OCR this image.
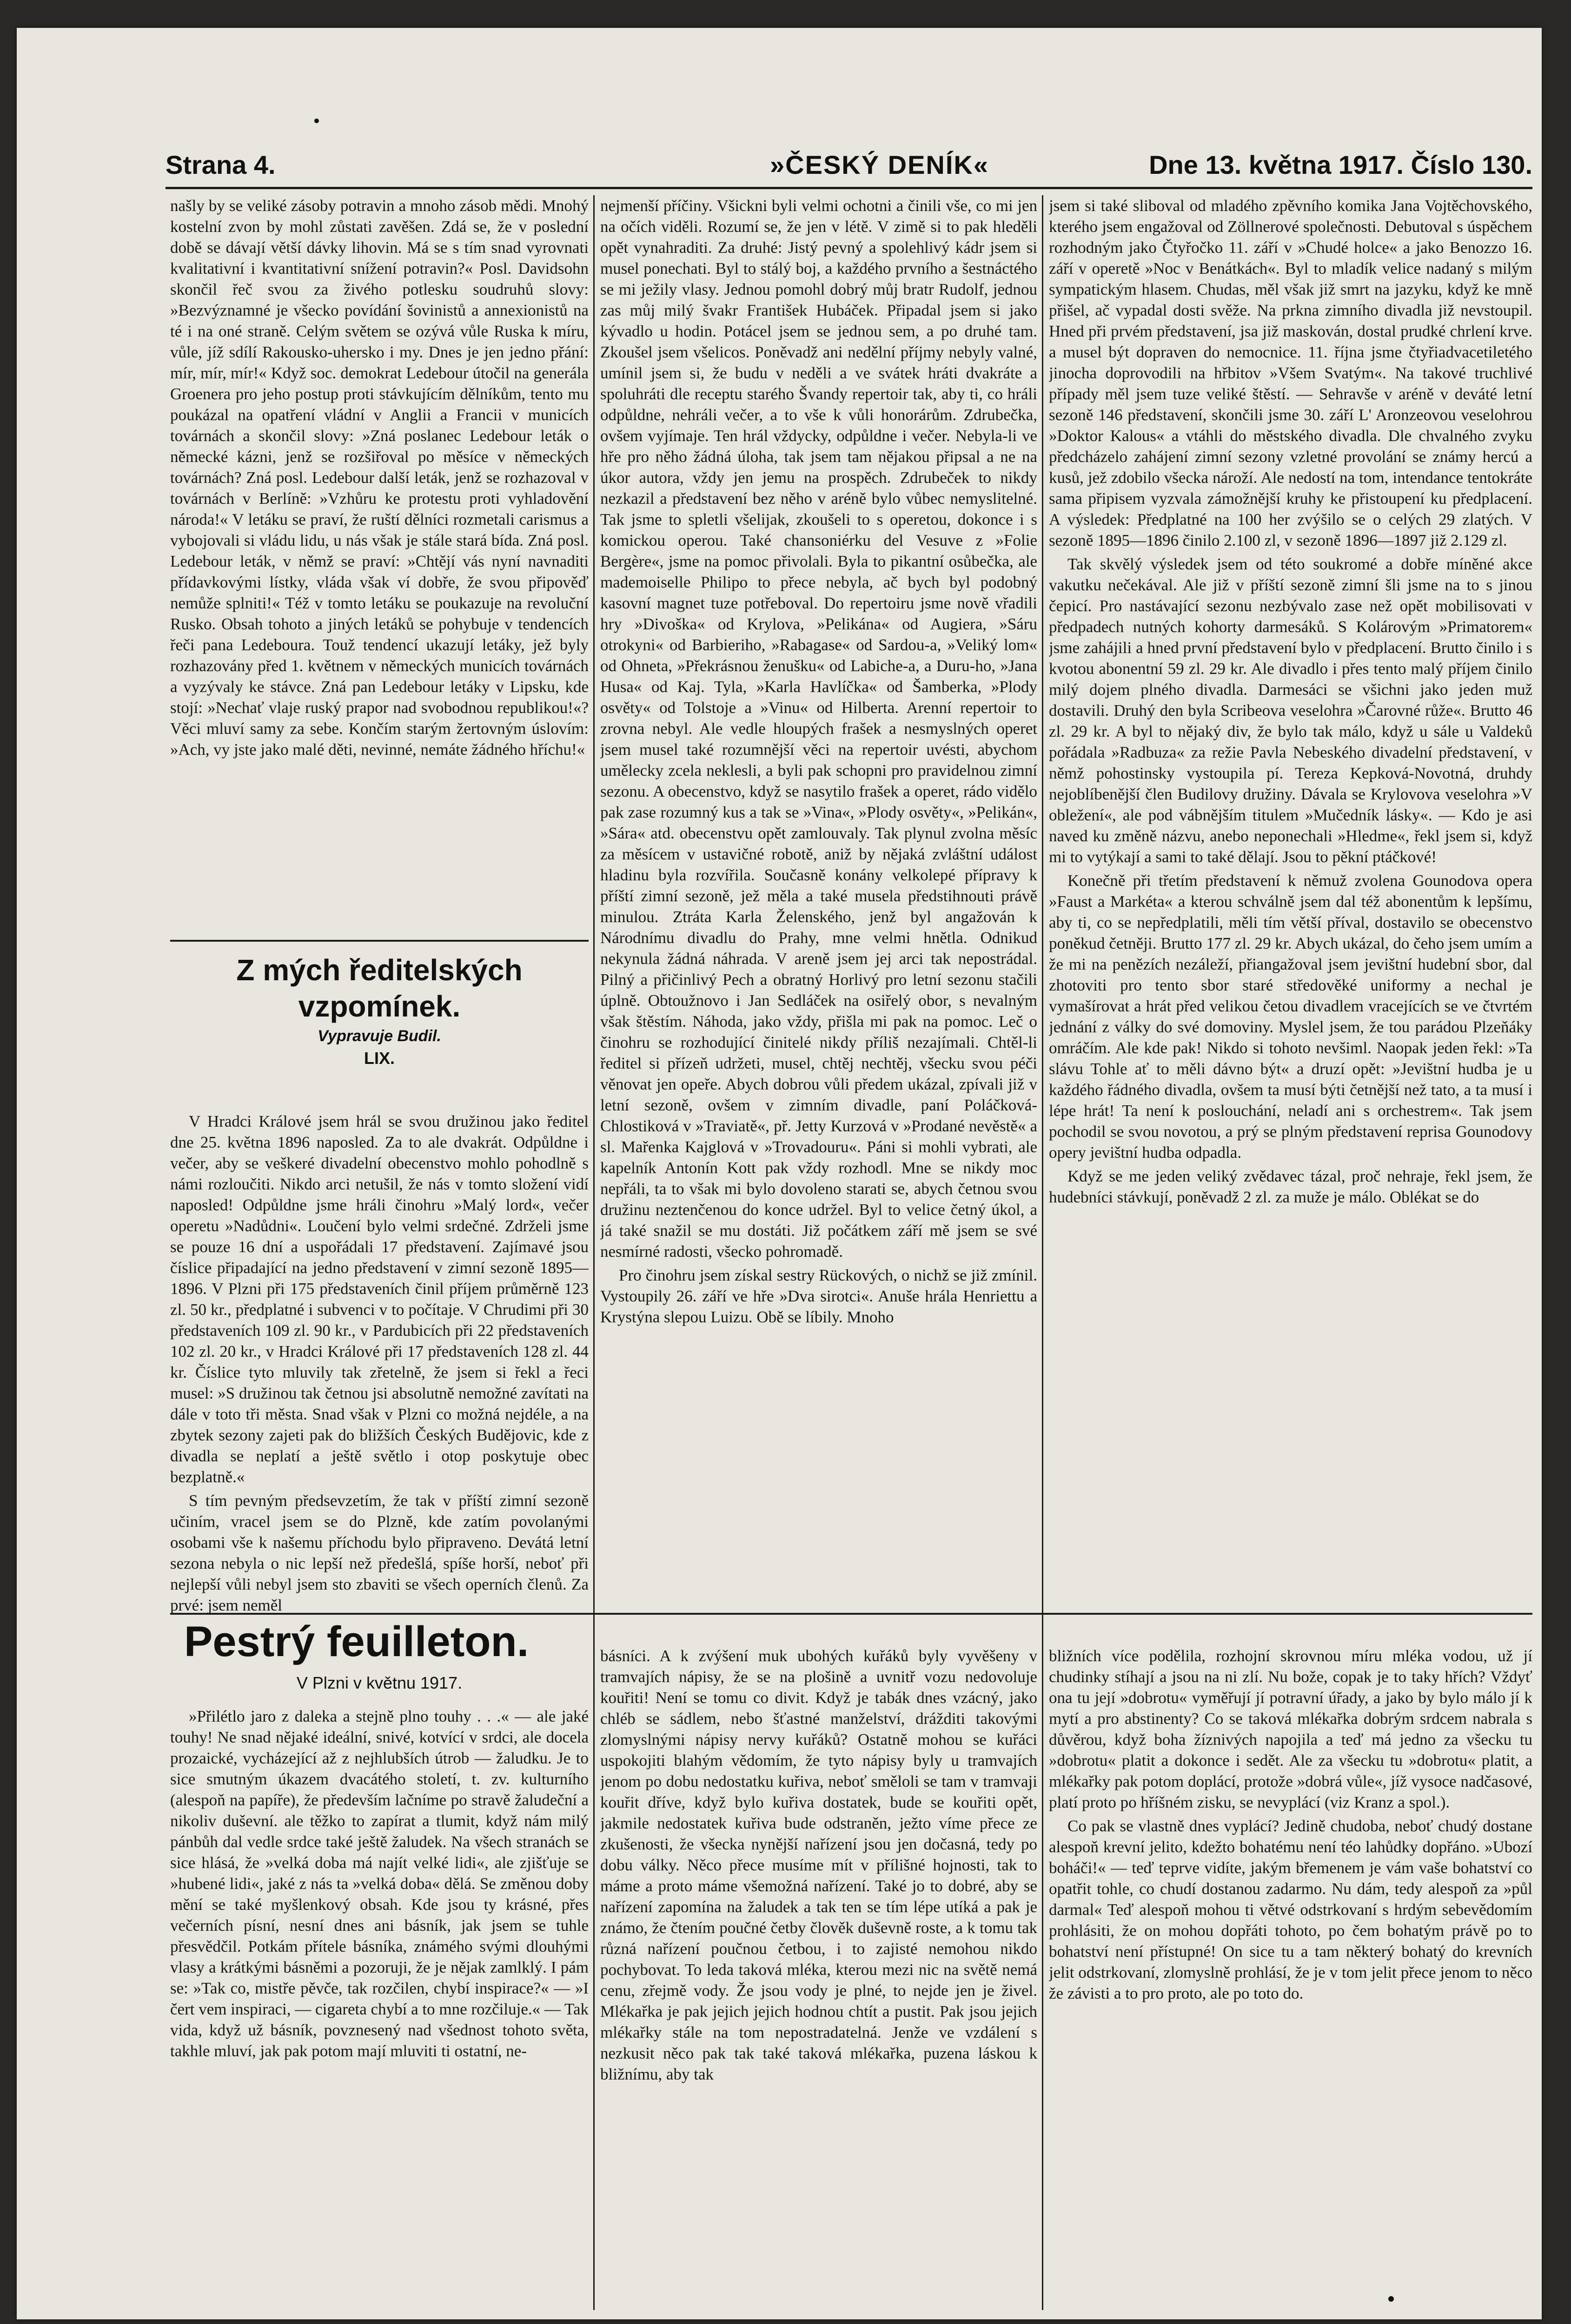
Strana 4.	»ČESKÝ DENÍK«	Dne 13. května 1917. Číslo 130.

našly by se veliké zásoby potravin a mnoho zásob mědi. Mnohý kostelní zvon by mohl zůstati zavěšen. Zdá se, že v poslední době se dávají větší dávky lihovin. Má se s tím snad vyrovnati kvalitativní i kvantitativní snížení potravin?« Posl. Davidsohn skončil řeč svou za živého potlesku soudruhů slovy: »Bezvýznamné je všecko povídání šovinistů a annexionistů na té i na oné straně. Celým světem se ozývá vůle Ruska k míru, vůle, jíž sdílí Rakousko-uhersko i my. Dnes je jen jedno přání: mír, mír, mír!« Když soc. demokrat Ledebour útočil na generála Groenera pro jeho postup proti stávkujícím dělníkům, tento mu poukázal na opatření vládní v Anglii a Francii v municích továrnách a skončil slovy: »Zná poslanec Ledebour leták o německé kázni, jenž se rozšiřoval po měsíce v německých továrnách? Zná posl. Ledebour další leták, jenž se rozhazoval v továrnách v Berlíně: »Vzhůru ke protestu proti vyhladovění národa!« V letáku se praví, že ruští dělníci rozmetali carismus a vybojovali si vládu lidu, u nás však je stále stará bída. Zná posl. Ledebour leták, v němž se praví: »Chtějí vás nyní navnaditi přídavkovými lístky, vláda však ví dobře, že svou připověď nemůže splniti!« Též v tomto letáku se poukazuje na revoluční Rusko. Obsah tohoto a jiných letáků se pohybuje v tendencích řeči pana Ledebourа. Touž tendencí ukazují letáky, jež byly rozhazovány před 1. květnem v německých municích továrnách a vyzývaly ke stávce. Zná pan Ledebour letáky v Lipsku, kde stojí: »Nechať vlaje ruský prapor nad svobodnou republikou!«? Věci mluví samy za sebe. Končím starým žertovným úslovím: »Ach, vy jste jako malé děti, nevinné, nemáte žádného hříchu!«

Z mých ředitelských
vzpomínek.
Vypravuje Budil.
LIX.

V Hradci Králové jsem hrál se svou družinou jako ředitel dne 25. května 1896 naposled. Za to ale dvakrát. Odpůldne i večer, aby se veškeré divadelní obecenstvo mohlo pohodlně s námi rozloučiti. Nikdo arci netušil, že nás v tomto složení vidí naposled! Odpůldne jsme hráli činohru »Malý lord«, večer operetu »Nadůdni«. Loučení bylo velmi srdečné. Zdrželi jsme se pouze 16 dní a uspořádali 17 představení. Zajímavé jsou číslice připadající na jedno představení v zimní sezoně 1895—1896. V Plzni při 175 představeních činil příjem průměrně 123 zl. 50 kr., předplatné i subvenci v to počítaje. V Chrudimi při 30 představeních 109 zl. 90 kr., v Pardubicích při 22 představeních 102 zl. 20 kr., v Hradci Králové při 17 představeních 128 zl. 44 kr. Číslice tyto mluvily tak zřetelně, že jsem si řekl a řeci musel: »S družinou tak četnou jsi absolutně nemožné zavítati na dále v toto tři města. Snad však v Plzni co možná nejdéle, a na zbytek sezony zajeti pak do bližších Českých Budějovic, kde z divadla se neplatí a ještě světlo i otop poskytuje obec bezplatně.«

S tím pevným předsevzetím, že tak v příští zimní sezoně učiním, vracel jsem se do Plzně, kde zatím povolanými osobami vše k našemu příchodu bylo připraveno. Devátá letní sezona nebyla o nic lepší než předešlá, spíše horší, neboť při nejlepší vůli nebyl jsem sto zbaviti se všech operních členů. Za prvé: jsem neměl

nejmenší příčiny. Všickni byli velmi ochotni a činili vše, co mi jen na očích viděli. Rozumí se, že jen v létě. V zimě si to pak hleděli opět vynahraditi. Za druhé: Jistý pevný a spolehlivý kádr jsem si musel ponechati. Byl to stálý boj, a každého prvního a šestnáctého se mi ježily vlasy. Jednou pomohl dobrý můj bratr Rudolf, jednou zas můj milý švakr František Hubáček. Připadal jsem si jako kývadlo u hodin. Potácel jsem se jednou sem, a po druhé tam. Zkoušel jsem všelicos. Poněvadž ani nedělní příjmy nebyly valné, umínil jsem si, že budu v neděli a ve svátek hráti dvakráte a spoluhráti dle receptu starého Švandy repertoir tak, aby ti, co hráli odpůldne, nehráli večer, a to vše k vůli honorárům. Zdrubečka, ovšem vyjímaje. Ten hrál vždycky, odpůldne i večer. Nebyla-li ve hře pro něho žádná úloha, tak jsem tam nějakou připsal a ne na úkor autora, vždy jen jemu na prospěch. Zdrubeček to nikdy nezkazil a představení bez něho v aréně bylo vůbec nemyslitelné. Tak jsme to spletli všelijak, zkoušeli to s operetou, dokonce i s komickou operou. Také chansoniérku del Vesuve z »Folie Bergère«, jsme na pomoc přivolali. Byla to pikantní osůbečka, ale mademoiselle Philipo to přece nebyla, ač bych byl podobný kasovní magnet tuze potřeboval. Do repertoiru jsme nově vřadili hry »Divoška« od Krylova, »Pelikána« od Augiera, »Sáru otrokyni« od Barbieriho, »Rabagase« od Sardou-a, »Veliký lom« od Ohneta, »Překrásnou ženušku« od Labiche-a, a Duru-ho, »Jana Husa« od Kaj. Tyla, »Karla Havlíčka« od Šamberka, »Plody osvěty« od Tolstoje a »Vinu« od Hilberta. Arenní repertoir to zrovna nebyl. Ale vedle hloupých frašek a nesmyslných operet jsem musel také rozumnější věci na repertoir uvésti, abychom umělecky zcela neklesli, a byli pak schopni pro pravidelnou zimní sezonu. A obecenstvo, když se nasytilo frašek a operet, rádo vidělo pak zase rozumný kus a tak se »Vina«, »Plody osvěty«, »Pelikán«, »Sára« atd. obecenstvu opět zamlouvaly. Tak plynul zvolna měsíc za měsícem v ustavičné robotě, aniž by nějaká zvláštní událost hladinu byla rozvířila. Současně konány velkolepé přípravy k příští zimní sezoně, jež měla a také musela předstihnouti právě minulou. Ztráta Karla Želenského, jenž byl angažován k Národnímu divadlu do Prahy, mne velmi hnětla. Odnikud nekynula žádná náhrada. V areně jsem jej arci tak nepostrádal. Pilný a přičinlivý Pech a obratný Horlivý pro letní sezonu stačili úplně. Obtoužnovo i Jan Sedláček na osiřelý obor, s nevalným však štěstím. Náhoda, jako vždy, přišla mi pak na pomoc. Leč o činohru se rozhodující činitelé nikdy příliš nezajímali. Chtěl-li ředitel si přízeň udržeti, musel, chtěj nechtěj, všecku svou péči věnovat jen opeře. Abych dobrou vůli předem ukázal, zpívali již v letní sezoně, ovšem v zimním divadle, paní Poláčková-Chlostiková v »Traviatě«, př. Jetty Kurzová v »Prodané nevěstě« a sl. Mařenka Kajglová v »Trovadouru«. Páni si mohli vybrati, ale kapelník Antonín Kott pak vždy rozhodl. Mne se nikdy moc nepřáli, ta to však mi bylo dovoleno starati se, abych četnou svou družinu neztenčenou do konce udržel. Byl to velice četný úkol, a já také snažil se mu dostáti. Již počátkem září mě jsem se své nesmírné radosti, všecko pohromadě.

Pro činohru jsem získal sestry Rückových, o nichž se již zmínil. Vystoupily 26. září ve hře »Dva sirotci«. Anuše hrála Henriettu a Krystýna slepou Luizu. Obě se líbily. Mnoho

jsem si také sliboval od mladého zpěvního komika Jana Vojtěchovského, kterého jsem engažoval od Zöllnerové společnosti. Debutoval s úspěchem rozhodným jako Čtyřočko 11. září v »Chudé holce« a jako Benozzo 16. září v operetě »Noc v Benátkách«. Byl to mladík velice nadaný s milým sympatickým hlasem. Chudas, měl však již smrt na jazyku, když ke mně přišel, ač vypadal dosti svěže. Na prkna zimního divadla již nevstoupil. Hned při prvém představení, jsa již maskován, dostal prudké chrlení krve. a musel být dopraven do nemocnice. 11. října jsme čtyřiadvacetiletého jinocha doprovodili na hřbitov »Všem Svatým«. Na takové truchlivé případy měl jsem tuze veliké štěstí. — Sehravše v aréně v deváté letní sezoně 146 představení, skončili jsme 30. září L' Aronzeovou veselohrou »Doktor Kalous« a vtáhli do městského divadla. Dle chvalného zvyku předcházelo zahájení zimní sezony vzletné provolání se známy hercú a kusů, jež zdobilo všecka nároží. Ale nedostí na tom, intendance tentokráte sama připisem vyzvala zámožnější kruhy ke přistoupení ku předplacení. A výsledek: Předplatné na 100 her zvýšilo se o celých 29 zlatých. V sezoně 1895—1896 činilo 2.100 zl, v sezoně 1896—1897 již 2.129 zl.

Tak skvělý výsledek jsem od této soukromé a dobře míněné akce vakutku nečekával. Ale již v příští sezoně zimní šli jsme na to s jinou čepicí. Pro nastávající sezonu nezbývalo zase než opět mobilisovati v předpadech nutných kohorty darmesáků. S Kolárovým »Primatorem« jsme zahájili a hned první představení bylo v předplacení. Brutto činilo i s kvotou abonentní 59 zl. 29 kr. Ale divadlo i přes tento malý příjem činilo milý dojem plného divadla. Darmesáci se všichni jako jeden muž dostavili. Druhý den byla Scribeova veselohra »Čarovné růže«. Brutto 46 zl. 29 kr. A byl to nějaký div, že bylo tak málo, když u sále u Valdeků pořádala »Radbuza« za režie Pavla Nebeského divadelní představení, v němž pohostinsky vystoupila pí. Tereza Kepková-Novotná, druhdy nejoblíbenější člen Budilovy družiny. Dávala se Krylovova veselohra »V obležení«, ale pod vábnějším titulem »Mučedník lásky«. — Kdo je asi naved ku změně názvu, anebo neponechali »Hledme«, řekl jsem si, když mi to vytýkají a sami to také dělají. Jsou to pěkní ptáčkové!

Konečně při třetím představení k němuž zvolena Gounodova opera »Faust a Markéta« a kterou schválně jsem dal též abonentům k lepšímu, aby ti, co se nepředplatili, měli tím větší příval, dostavilo se obecenstvo poněkud četněji. Brutto 177 zl. 29 kr. Abych ukázal, do čeho jsem umím a že mi na penězích nezáleží, přiangažoval jsem jevištní hudební sbor, dal zhotoviti pro tento sbor staré středověké uniformy a nechal je vymašírovat a hrát před velikou četou divadlem vracejících se ve čtvrtém jednání z války do své domoviny. Myslel jsem, že tou parádou Plzeňáky omráčím. Ale kde pak! Nikdo si tohoto nevšiml. Naopak jeden řekl: »Ta slávu Tohle ať to měli dávno být« a druzí opět: »Jevištní hudba je u každého řádného divadla, ovšem ta musí býti četnější než tato, a ta musí i lépe hrát! Ta není k poslouchání, neladí ani s orchestrem«. Tak jsem pochodil se svou novotou, a prý se plným představení reprisa Gounodovy opery jevištní hudba odpadla.

Když se me jeden veliký zvědavec tázal, proč nehraje, řekl jsem, že hudebníci stávkují, poněvadž 2 zl. za muže je málo. Oblékat se do

Pestrý feuilleton.
V Plzni v květnu 1917.

»Přilétlo jaro z daleka a stejně plno touhy . . .« — ale jaké touhy! Ne snad nějaké ideální, snivé, kotvící v srdci, ale docela prozaické, vycházející až z nejhlubších útrob — žaludku. Je to sice smutným úkazem dvacátého století, t. zv. kulturního (alespoň na papíře), že především lačníme po stravě žaludeční a nikoliv duševní. ale těžko to zapírat a tlumit, když nám milý pánbůh dal vedle srdce také ještě žaludek. Na všech stranách se sice hlásá, že »velká doba má najít velké lidi«, ale zjišťuje se »hubené lidi«, jaké z nás ta »velká doba« dělá. Se změnou doby mění se také myšlenkový obsah. Kde jsou ty krásné, přes večerních písní, nesní dnes ani básník, jak jsem se tuhle přesvědčil. Potkám přítele básníka, známého svými dlouhými vlasy a krátkými básněmi a pozoruji, že je nějak zamlklý. I pám se: »Tak co, mistře pěvče, tak rozčilen, chybí inspirace?« — »I čert vem inspiraci, — cigareta chybí a to mne rozčiluje.« — Tak vida, když už básník, povznesený nad všednost tohoto světa, takhle mluví, jak pak potom mají mluviti ti ostatní, ne-

básníci. A k zvýšení muk ubohých kuřáků byly vyvěšeny v tramvajích nápisy, že se na plošině a uvnitř vozu nedovoluje kouřiti! Není se tomu co divit. Když je tabák dnes vzácný, jako chléb se sádlem, nebo šťastné manželství, drážditi takovými zlomyslnými nápisy nervy kuřáků? Ostatně mohou se kuřáci uspokojiti blahým vědomím, že tyto nápisy byly u tramvajích jenom po dobu nedostatku kuřiva, neboť směloli se tam v tramvaji kouřit dříve, když bylo kuřiva dostatek, bude se kouřiti opět, jakmile nedostatek kuřiva bude odstraněn, ježto víme přece ze zkušenosti, že všecka nynější nařízení jsou jen dočasná, tedy po dobu války. Něco přece musíme mít v přílišné hojnosti, tak to máme a proto máme všemožná nařízení. Také jo to dobré, aby se nařízení zapomína na žaludek a tak ten se tím lépe utíká a pak je známo, že čtením poučné četby člověk duševně roste, a k tomu tak různá nařízení poučnou četbou, i to zajisté nemohou nikdo pochybovat. To leda taková mléka, kterou mezi nic na světě nemá cenu, zřejmě vody. Že jsou vody je plné, to nejde jen je živel. Mlékařka je pak jejich jejich hodnou chtít a pustit. Pak jsou jejich mlékařky stále na tom nepostradatelná. Jenže ve vzdálení s nezkusit něco pak tak také taková mlékařka, puzena láskou k bližnímu, aby tak

bližních více podělila, rozhojní skrovnou míru mléka vodou, už jí chudinky stíhají a jsou na ni zlí. Nu bože, copak je to taky hřích? Vždyť ona tu její »dobrotu« vyměřují jí potravní úřady, a jako by bylo málo jí k mytí a pro abstinenty? Co se taková mlékařka dobrým srdcem nabrala s důvěrou, když boha žíznivých napojila a teď má jedno za všecku tu »dobrotu« platit a dokonce i sedět. Ale za všecku tu »dobrotu« platit, a mlékařky pak potom doplácí, protože »dobrá vůle«, jíž vysoce nadčasové, platí proto po hříšném zisku, se nevyplácí (viz Kranz a spol.).

Co pak se vlastně dnes vyplácí? Jedině chudoba, neboť chudý dostane alespoň krevní jelito, kdežto bohatému není téo lahůdky dopřáno. »Ubozí boháči!« — teď teprve vidíte, jakým břemenem je vám vaše bohatství co opatřit tohle, co chudí dostanou zadarmo. Nu dám, tedy alespoň za »půl darmal« Teď alespoň mohou ti větvé odstrkovaní s hrdým sebevědomím prohlásiti, že on mohou dopřáti tohoto, po čem bohatým právě po to bohatství není přístupné! On sice tu a tam některý bohatý do krevních jelit odstrkovaní, zlomyslně prohlásí, že je v tom jelit přece jenom to něco že závisti a to pro proto, ale po toto do.
